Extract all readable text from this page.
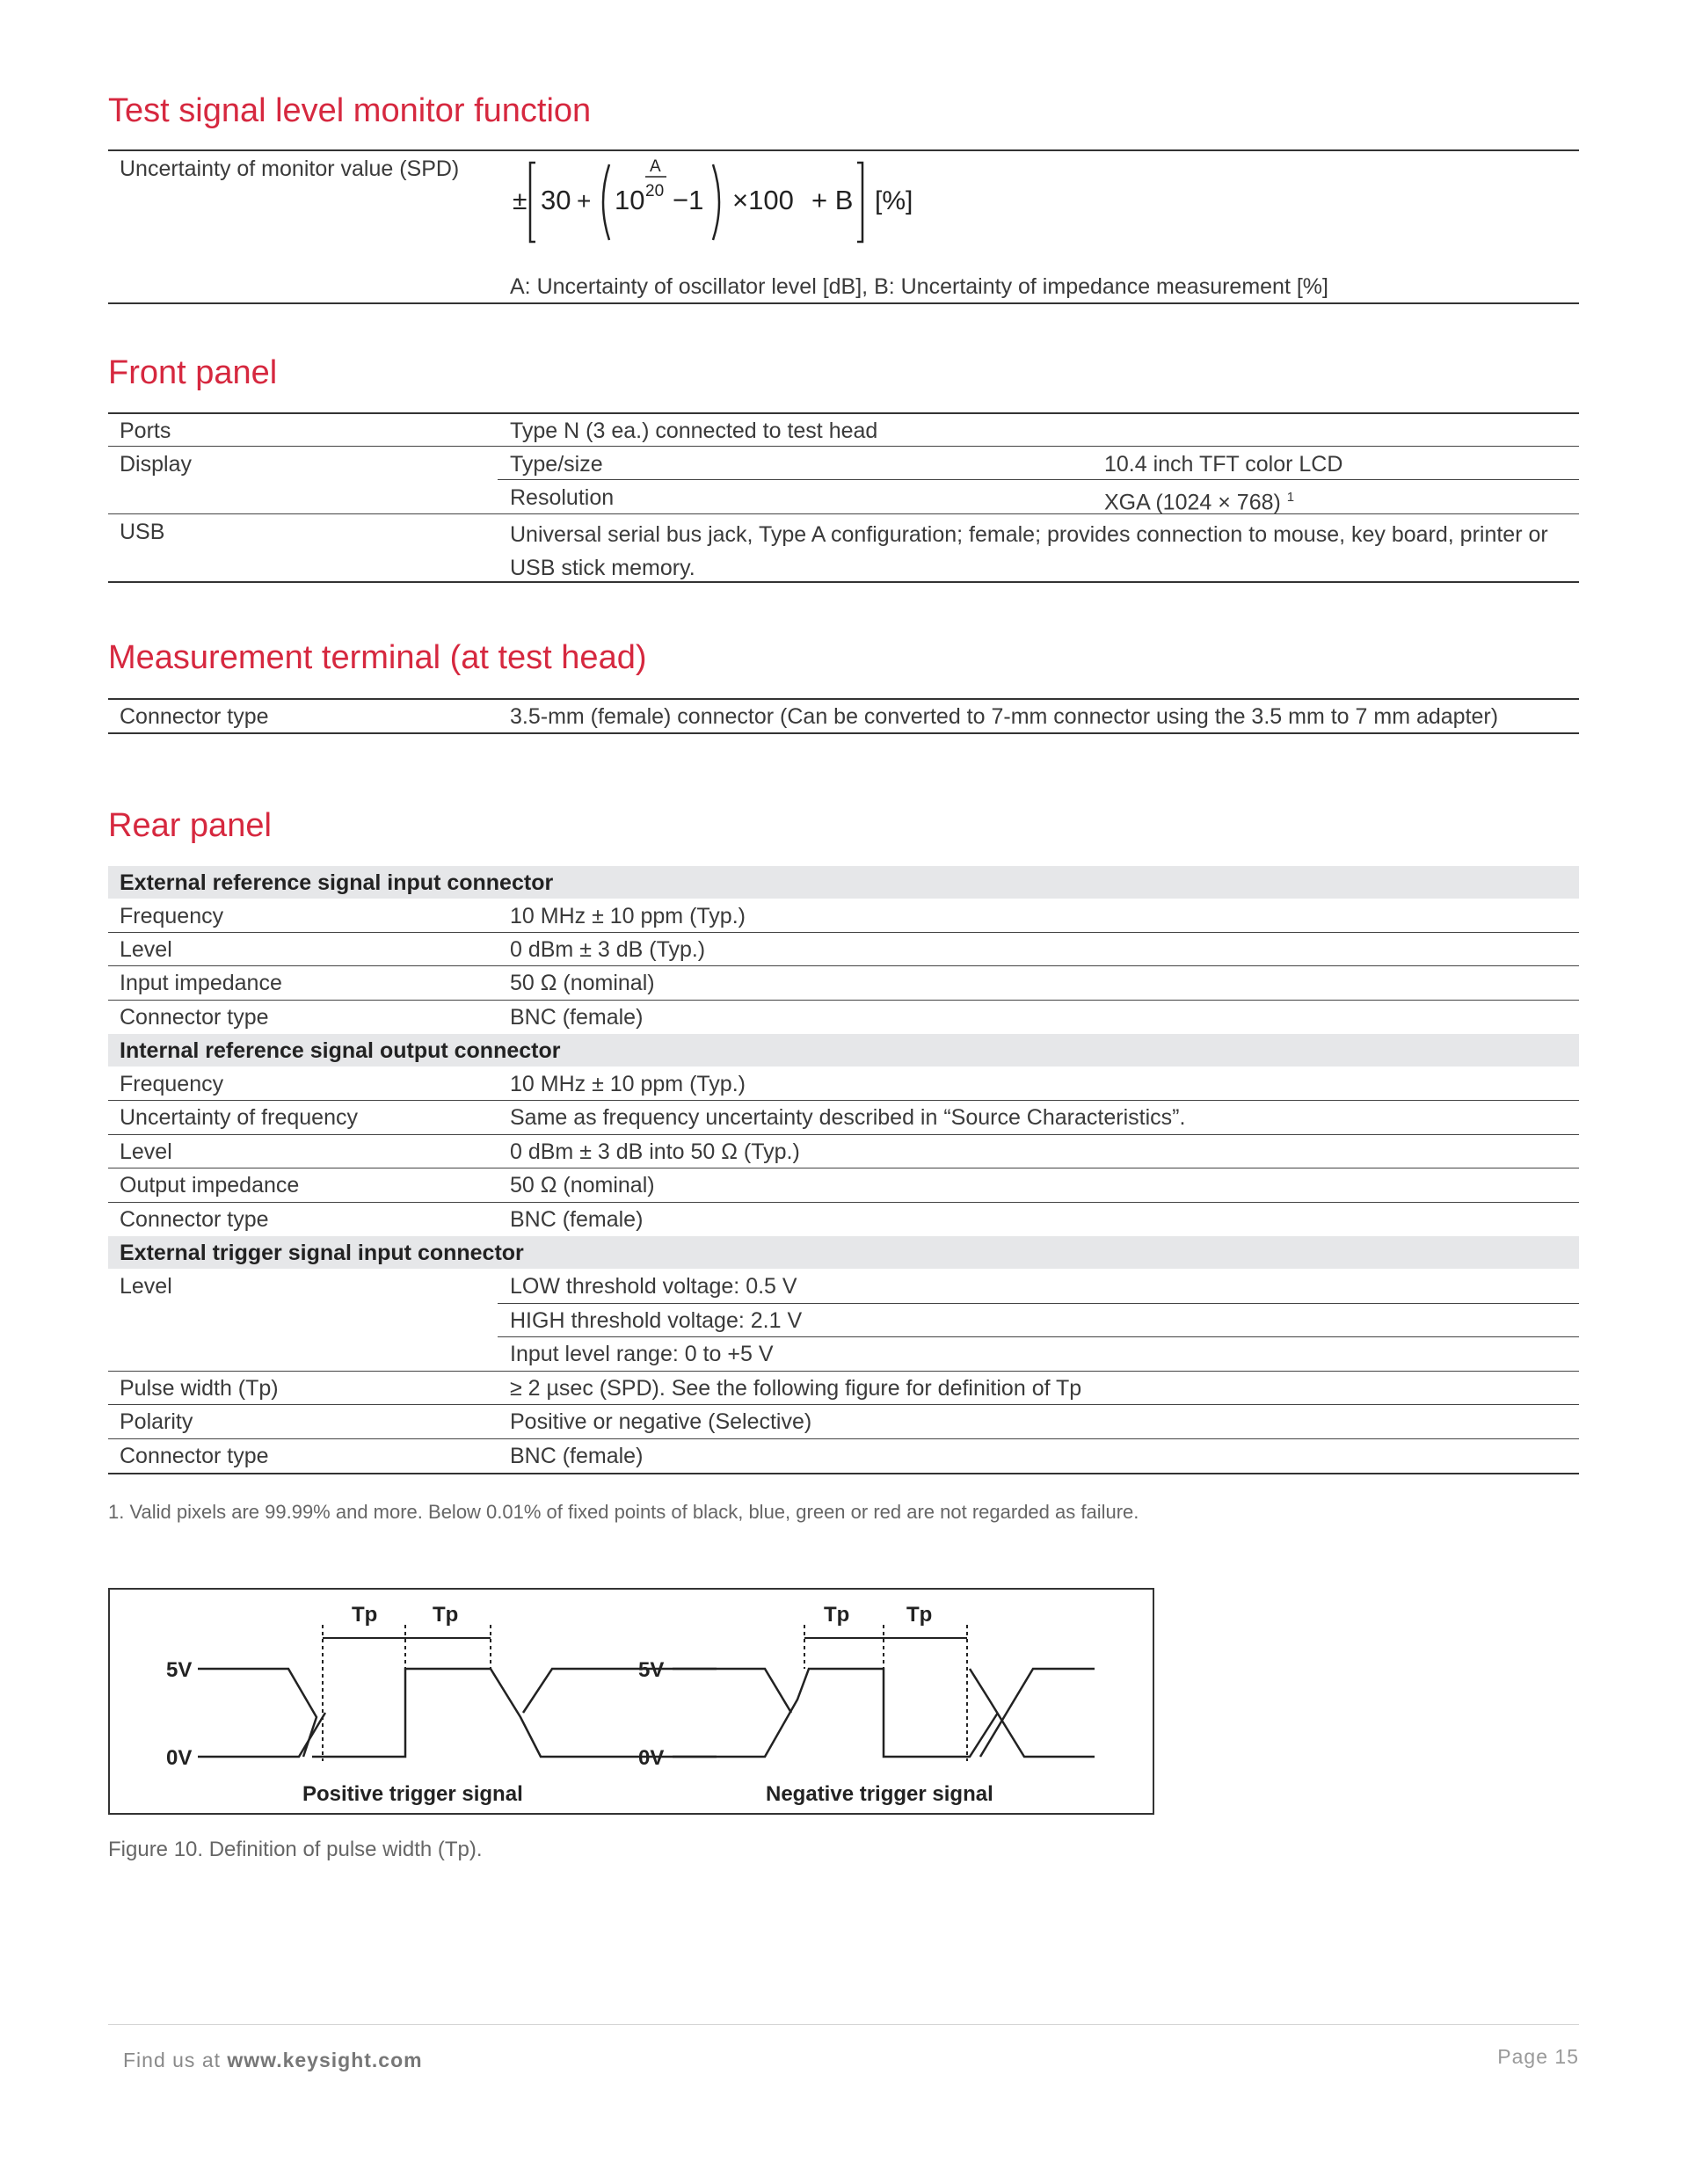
Test signal level monitor function
Uncertainty of monitor value (SPD)
± 30 + 10
A
20 −1 ×100 + B [%]
A: Uncertainty of oscillator level [dB], B: Uncertainty of impedance measurement [%]
Front panel
Ports	Type N (3 ea.) connected to test head
Display	Type/size	10.4 inch TFT color LCD
Resolution	XGA (1024 × 768) $^1$
USB	Universal serial bus jack, Type A configuration; female; provides connection to mouse, key board, printer or USB stick memory.
Measurement terminal (at test head)
Connector type	3.5-mm (female) connector (Can be converted to 7-mm connector using the 3.5 mm to 7 mm adapter)
Rear panel
External reference signal input connector
Frequency	10 MHz ± 10 ppm (Typ.)
Level	0 dBm ± 3 dB (Typ.)
Input impedance	50 Ω (nominal)
Connector type	BNC (female)
Internal reference signal output connector
Frequency	10 MHz ± 10 ppm (Typ.)
Uncertainty of frequency	Same as frequency uncertainty described in “Source Characteristics”.
Level	0 dBm ± 3 dB into 50 Ω (Typ.)
Output impedance	50 Ω (nominal)
Connector type	BNC (female)
External trigger signal input connector
Level	LOW threshold voltage: 0.5 V
HIGH threshold voltage: 2.1 V
Input level range: 0 to +5 V
Pulse width (Tp)	≥ 2 µsec (SPD). See the following figure for definition of Tp
Polarity	Positive or negative (Selective)
Connector type	BNC (female)
1. Valid pixels are 99.99% and more. Below 0.01% of fixed points of black, blue, green or red are not regarded as failure.
5V
0V
Tp	Tp
Positive trigger signal
5V
0V
Tp	Tp
Negative trigger signal
Figure 10. Definition of pulse width (Tp).
Find us at www.keysight.com	Page 15
